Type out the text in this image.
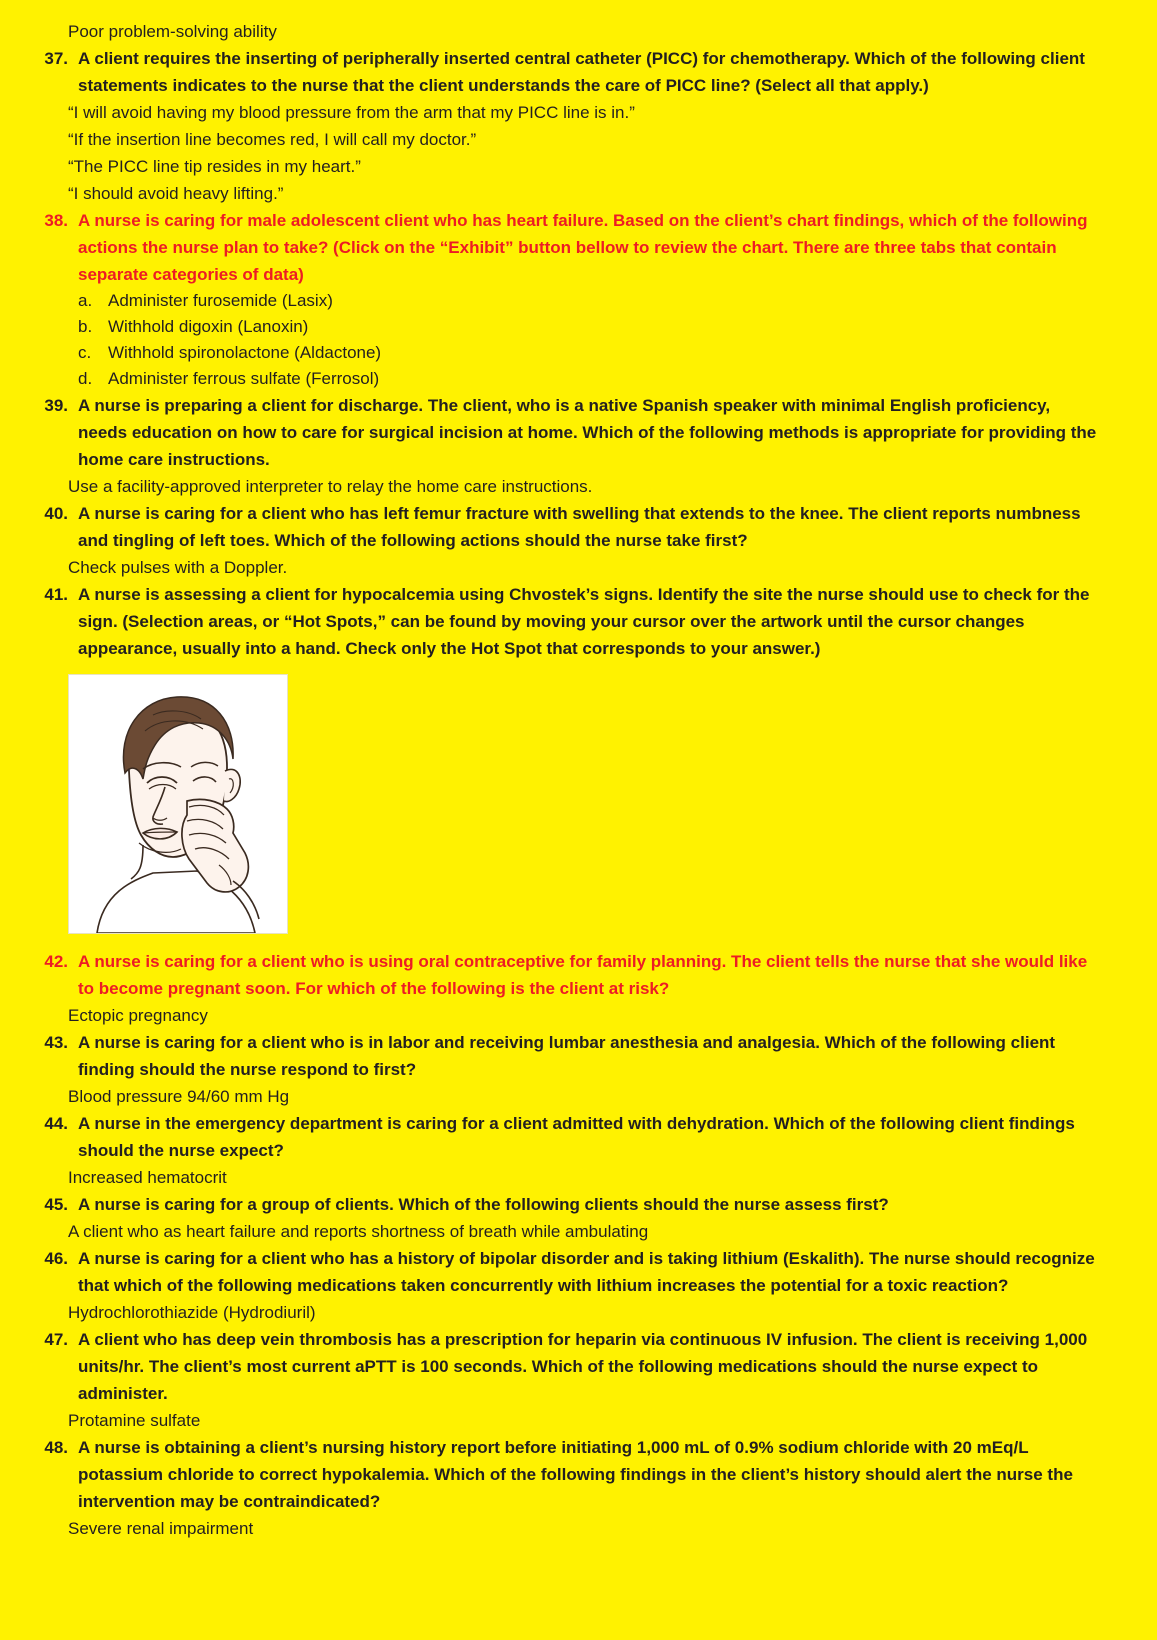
Poor problem-solving ability
37. A client requires the inserting of peripherally inserted central catheter (PICC) for chemotherapy. Which of the following client statements indicates to the nurse that the client understands the care of PICC line? (Select all that apply.)
“I will avoid having my blood pressure from the arm that my PICC line is in.”
“If the insertion line becomes red, I will call my doctor.”
“The PICC line tip resides in my heart.”
“I should avoid heavy lifting.”
38. A nurse is caring for male adolescent client who has heart failure. Based on the client’s chart findings, which of the following actions the nurse plan to take? (Click on the “Exhibit” button bellow to review the chart. There are three tabs that contain separate categories of data)
a. Administer furosemide (Lasix)
b. Withhold digoxin (Lanoxin)
c. Withhold spironolactone (Aldactone)
d. Administer ferrous sulfate (Ferrosol)
39. A nurse is preparing a client for discharge. The client, who is a native Spanish speaker with minimal English proficiency, needs education on how to care for surgical incision at home. Which of the following methods is appropriate for providing the home care instructions.
Use a facility-approved interpreter to relay the home care instructions.
40. A nurse is caring for a client who has left femur fracture with swelling that extends to the knee. The client reports numbness and tingling of left toes. Which of the following actions should the nurse take first?
Check pulses with a Doppler.
41. A nurse is assessing a client for hypocalcemia using Chvostek’s signs. Identify the site the nurse should use to check for the sign. (Selection areas, or “Hot Spots,” can be found by moving your cursor over the artwork until the cursor changes appearance, usually into a hand. Check only the Hot Spot that corresponds to your answer.)
42. A nurse is caring for a client who is using oral contraceptive for family planning. The client tells the nurse that she would like to become pregnant soon. For which of the following is the client at risk?
Ectopic pregnancy
43. A nurse is caring for a client who is in labor and receiving lumbar anesthesia and analgesia. Which of the following client finding should the nurse respond to first?
Blood pressure 94/60 mm Hg
44. A nurse in the emergency department is caring for a client admitted with dehydration. Which of the following client findings should the nurse expect?
Increased hematocrit
45. A nurse is caring for a group of clients. Which of the following clients should the nurse assess first?
A client who as heart failure and reports shortness of breath while ambulating
46. A nurse is caring for a client who has a history of bipolar disorder and is taking lithium (Eskalith). The nurse should recognize that which of the following medications taken concurrently with lithium increases the potential for a toxic reaction?
Hydrochlorothiazide (Hydrodiuril)
47. A client who has deep vein thrombosis has a prescription for heparin via continuous IV infusion. The client is receiving 1,000 units/hr. The client’s most current aPTT is 100 seconds. Which of the following medications should the nurse expect to administer.
Protamine sulfate
48. A nurse is obtaining a client’s nursing history report before initiating 1,000 mL of 0.9% sodium chloride with 20 mEq/L potassium chloride to correct hypokalemia. Which of the following findings in the client’s history should alert the nurse the intervention may be contraindicated?
Severe renal impairment
